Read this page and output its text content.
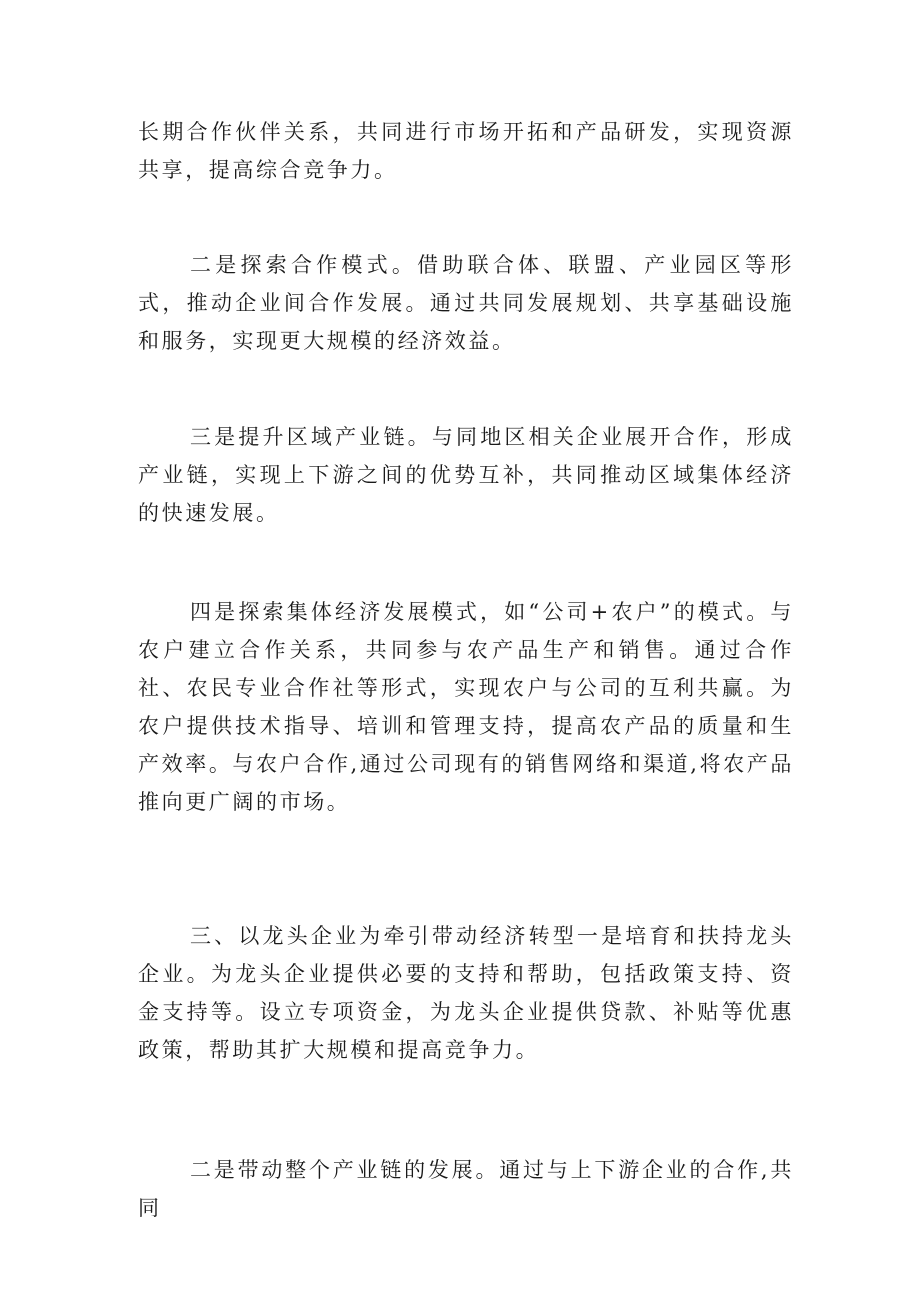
长期合作伙伴关系，共同进行市场开拓和产品研发，实现资源共享，提高综合竞争力。

二是探索合作模式。借助联合体、联盟、产业园区等形式，推动企业间合作发展。通过共同发展规划、共享基础设施和服务，实现更大规模的经济效益。

三是提升区域产业链。与同地区相关企业展开合作，形成产业链，实现上下游之间的优势互补，共同推动区域集体经济的快速发展。

四是探索集体经济发展模式，如“公司+农户”的模式。与农户建立合作关系，共同参与农产品生产和销售。通过合作社、农民专业合作社等形式，实现农户与公司的互利共赢。为农户提供技术指导、培训和管理支持，提高农产品的质量和生产效率。与农户合作,通过公司现有的销售网络和渠道,将农产品推向更广阔的市场。

三、以龙头企业为牵引带动经济转型一是培育和扶持龙头企业。为龙头企业提供必要的支持和帮助，包括政策支持、资金支持等。设立专项资金，为龙头企业提供贷款、补贴等优惠政策，帮助其扩大规模和提高竞争力。

二是带动整个产业链的发展。通过与上下游企业的合作,共同
